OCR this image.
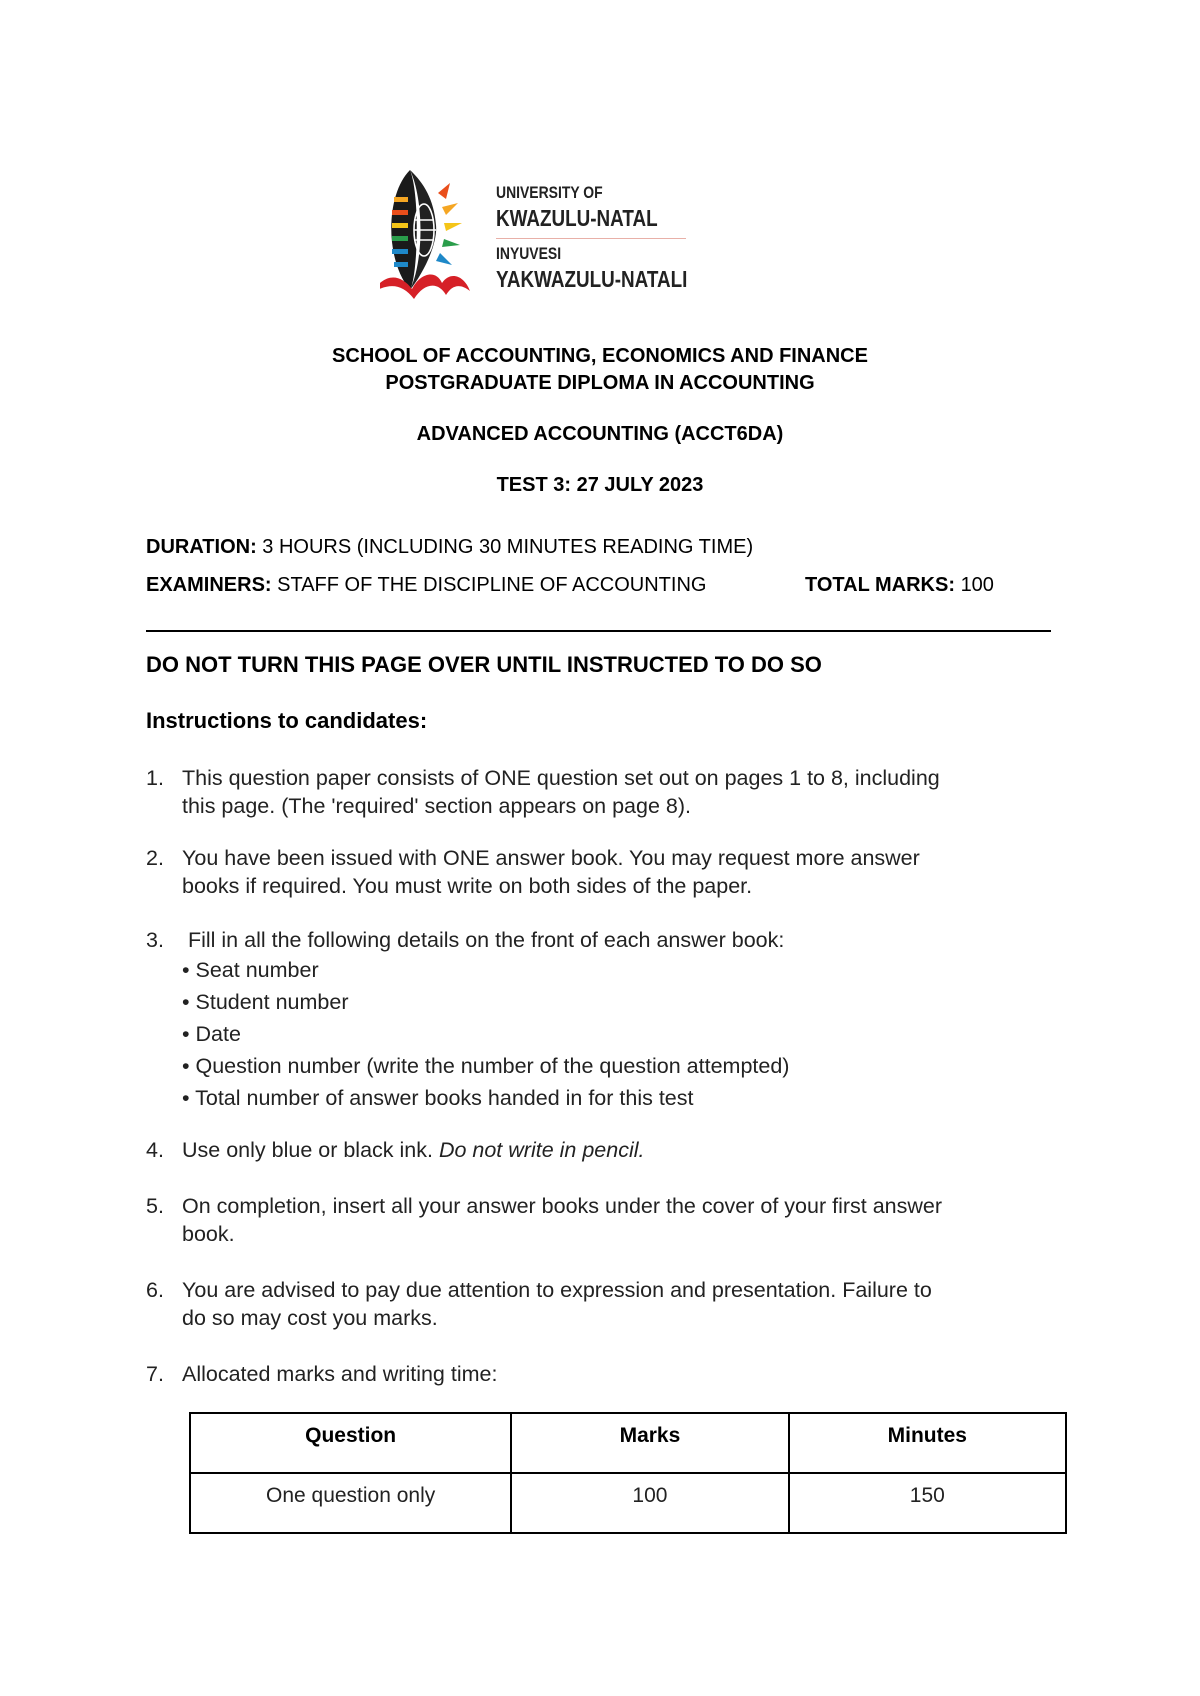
UNIVERSITY OF
KWAZULU-NATAL
INYUVESI
YAKWAZULU-NATALI
SCHOOL OF ACCOUNTING, ECONOMICS AND FINANCE
POSTGRADUATE DIPLOMA IN ACCOUNTING
ADVANCED ACCOUNTING (ACCT6DA)
TEST 3: 27 JULY 2023
DURATION: 3 HOURS (INCLUDING 30 MINUTES READING TIME)
EXAMINERS: STAFF OF THE DISCIPLINE OF ACCOUNTING	TOTAL MARKS: 100
DO NOT TURN THIS PAGE OVER UNTIL INSTRUCTED TO DO SO
Instructions to candidates:
1. This question paper consists of ONE question set out on pages 1 to 8, including
this page. (The 'required' section appears on page 8).
2. You have been issued with ONE answer book. You may request more answer
books if required. You must write on both sides of the paper.
3. Fill in all the following details on the front of each answer book:
• Seat number
• Student number
• Date
• Question number (write the number of the question attempted)
• Total number of answer books handed in for this test
4. Use only blue or black ink. Do not write in pencil.
5. On completion, insert all your answer books under the cover of your first answer
book.
6. You are advised to pay due attention to expression and presentation. Failure to
do so may cost you marks.
7. Allocated marks and writing time:
Question	Marks	Minutes
One question only	100	150
